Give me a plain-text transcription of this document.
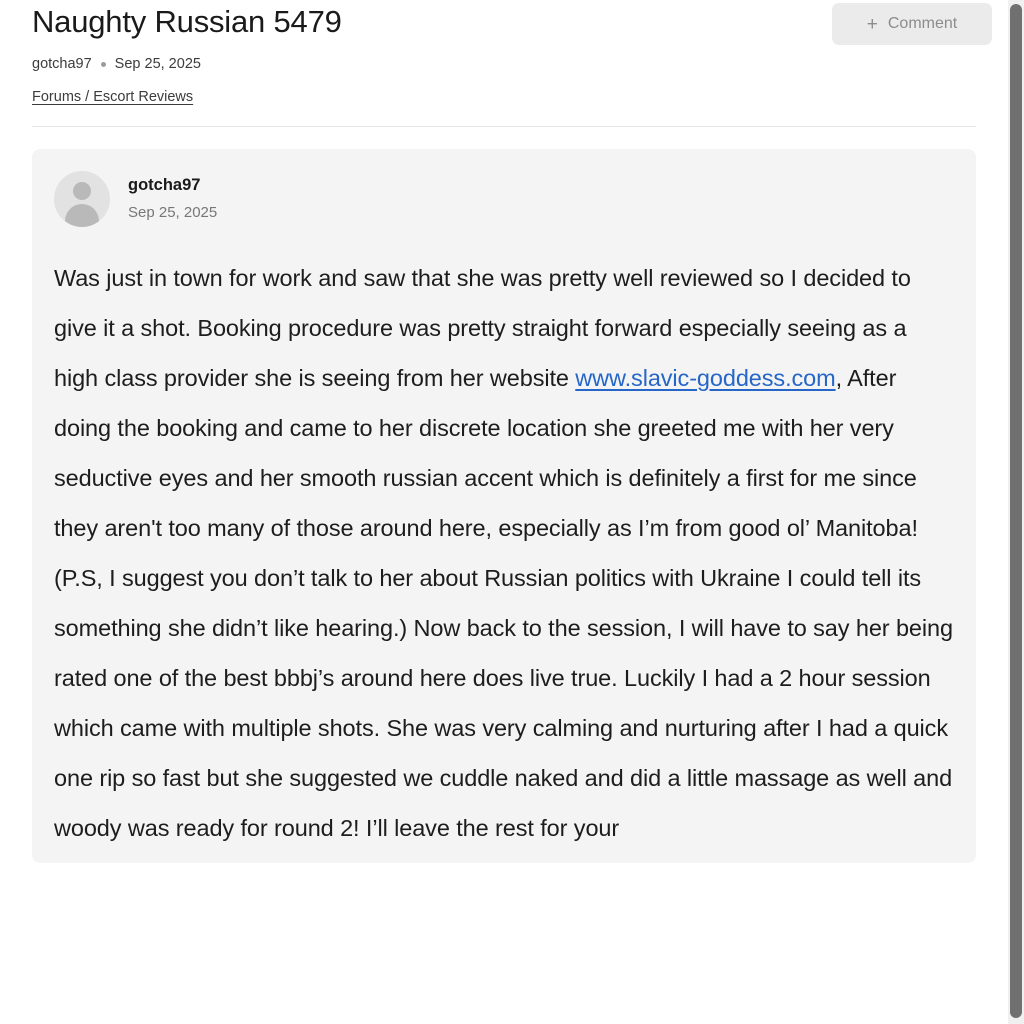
Naughty Russian 5479
gotcha97 Sep 25, 2025
Forums / Escort Reviews
+ Comment
gotcha97
Sep 25, 2025
Was just in town for work and saw that she was pretty well reviewed so I decided to give it a shot. Booking procedure was pretty straight forward especially seeing as a high class provider she is seeing from her website www.slavic-goddess.com, After doing the booking and came to her discrete location she greeted me with her very seductive eyes and her smooth russian accent which is definitely a first for me since they aren't too many of those around here, especially as I’m from good ol’ Manitoba! (P.S, I suggest you don’t talk to her about Russian politics with Ukraine I could tell its something she didn’t like hearing.) Now back to the session, I will have to say her being rated one of the best bbbj’s around here does live true. Luckily I had a 2 hour session which came with multiple shots. She was very calming and nurturing after I had a quick one rip so fast but she suggested we cuddle naked and did a little massage as well and woody was ready for round 2! I’ll leave the rest for your
